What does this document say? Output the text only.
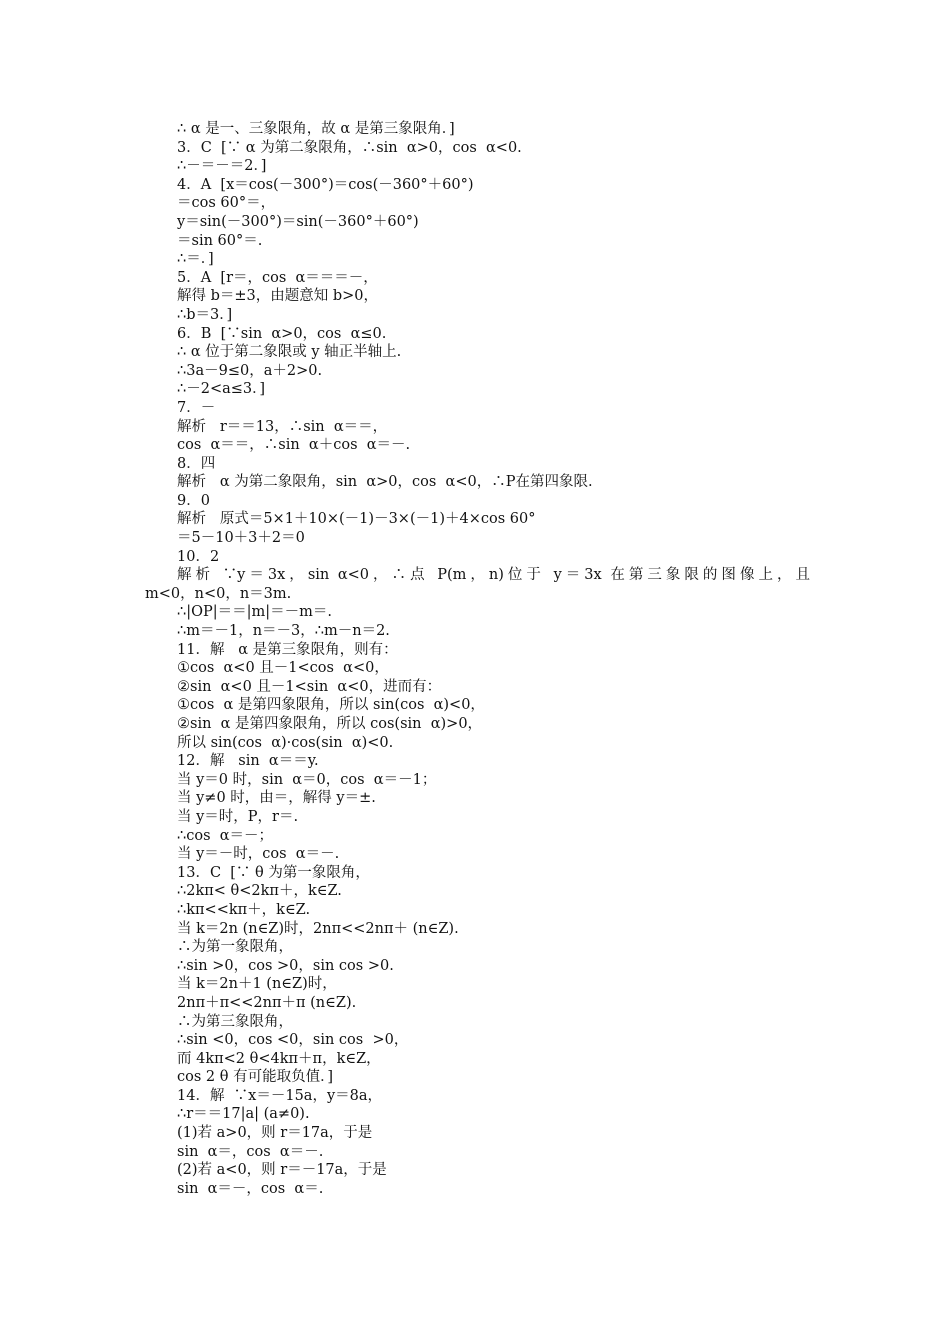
∴ α 是一、三象限角，故 α 是第三象限角．]
3．C  [∵ α 为第二象限角，∴sin  α>0，cos  α<0.
∴－＝－＝2．]
4．A  [x＝cos(－300°)＝cos(－360°＋60°)
＝cos 60°＝，
y＝sin(－300°)＝sin(－360°＋60°)
＝sin 60°＝.
∴＝．]
5．A  [r＝，cos  α＝＝＝－，
解得 b＝±3，由题意知 b>0，
∴b＝3．]
6．B  [∵sin  α>0，cos  α≤0.
∴ α 位于第二象限或 y 轴正半轴上.
∴3a－9≤0，a＋2>0.
∴－2<a≤3．]
7．－
解析   r＝＝13，∴sin  α＝＝，
cos  α＝＝，∴sin  α＋cos  α＝－.
8．四
解析   α 为第二象限角，sin  α>0，cos  α<0，∴P在第四象限.
9．0
解析   原式＝5×1＋10×(－1)－3×(－1)＋4×cos 60°
＝5－10＋3＋2＝0
10．2
解析 ∵y＝3x，sin α<0，∴点 P(m，n)位于 y＝3x 在第三象限的图像上，且
m<0，n<0，n＝3m.
∴|OP|＝＝|m|＝－m＝.
∴m＝－1，n＝－3，∴m－n＝2.
11．解   α 是第三象限角，则有：
①cos  α<0 且－1<cos  α<0，
②sin  α<0 且－1<sin  α<0，进而有：
①cos  α 是第四象限角，所以 sin(cos  α)<0，
②sin  α 是第四象限角，所以 cos(sin  α)>0，
所以 sin(cos  α)·cos(sin  α)<0.
12．解   sin  α＝＝y.
当 y＝0 时，sin  α＝0，cos  α＝－1；
当 y≠0 时，由＝，解得 y＝±.
当 y＝时，P，r＝.
∴cos  α＝－；
当 y＝－时，cos  α＝－.
13．C  [∵ θ 为第一象限角，
∴2kπ< θ<2kπ＋，k∈Z.
∴kπ<<kπ＋，k∈Z.
当 k＝2n (n∈Z)时，2nπ<<2nπ＋ (n∈Z).
∴为第一象限角，
∴sin >0，cos >0，sin cos >0.
当 k＝2n＋1 (n∈Z)时，
2nπ＋π<<2nπ＋π (n∈Z).
∴为第三象限角，
∴sin <0，cos <0，sin cos  >0，
而 4kπ<2 θ<4kπ＋π，k∈Z，
cos 2 θ 有可能取负值．]
14．解  ∵x＝－15a，y＝8a，
∴r＝＝17|a| (a≠0).
(1)若 a>0，则 r＝17a，于是
sin  α＝，cos  α＝－.
(2)若 a<0，则 r＝－17a，于是
sin  α＝－，cos  α＝.
